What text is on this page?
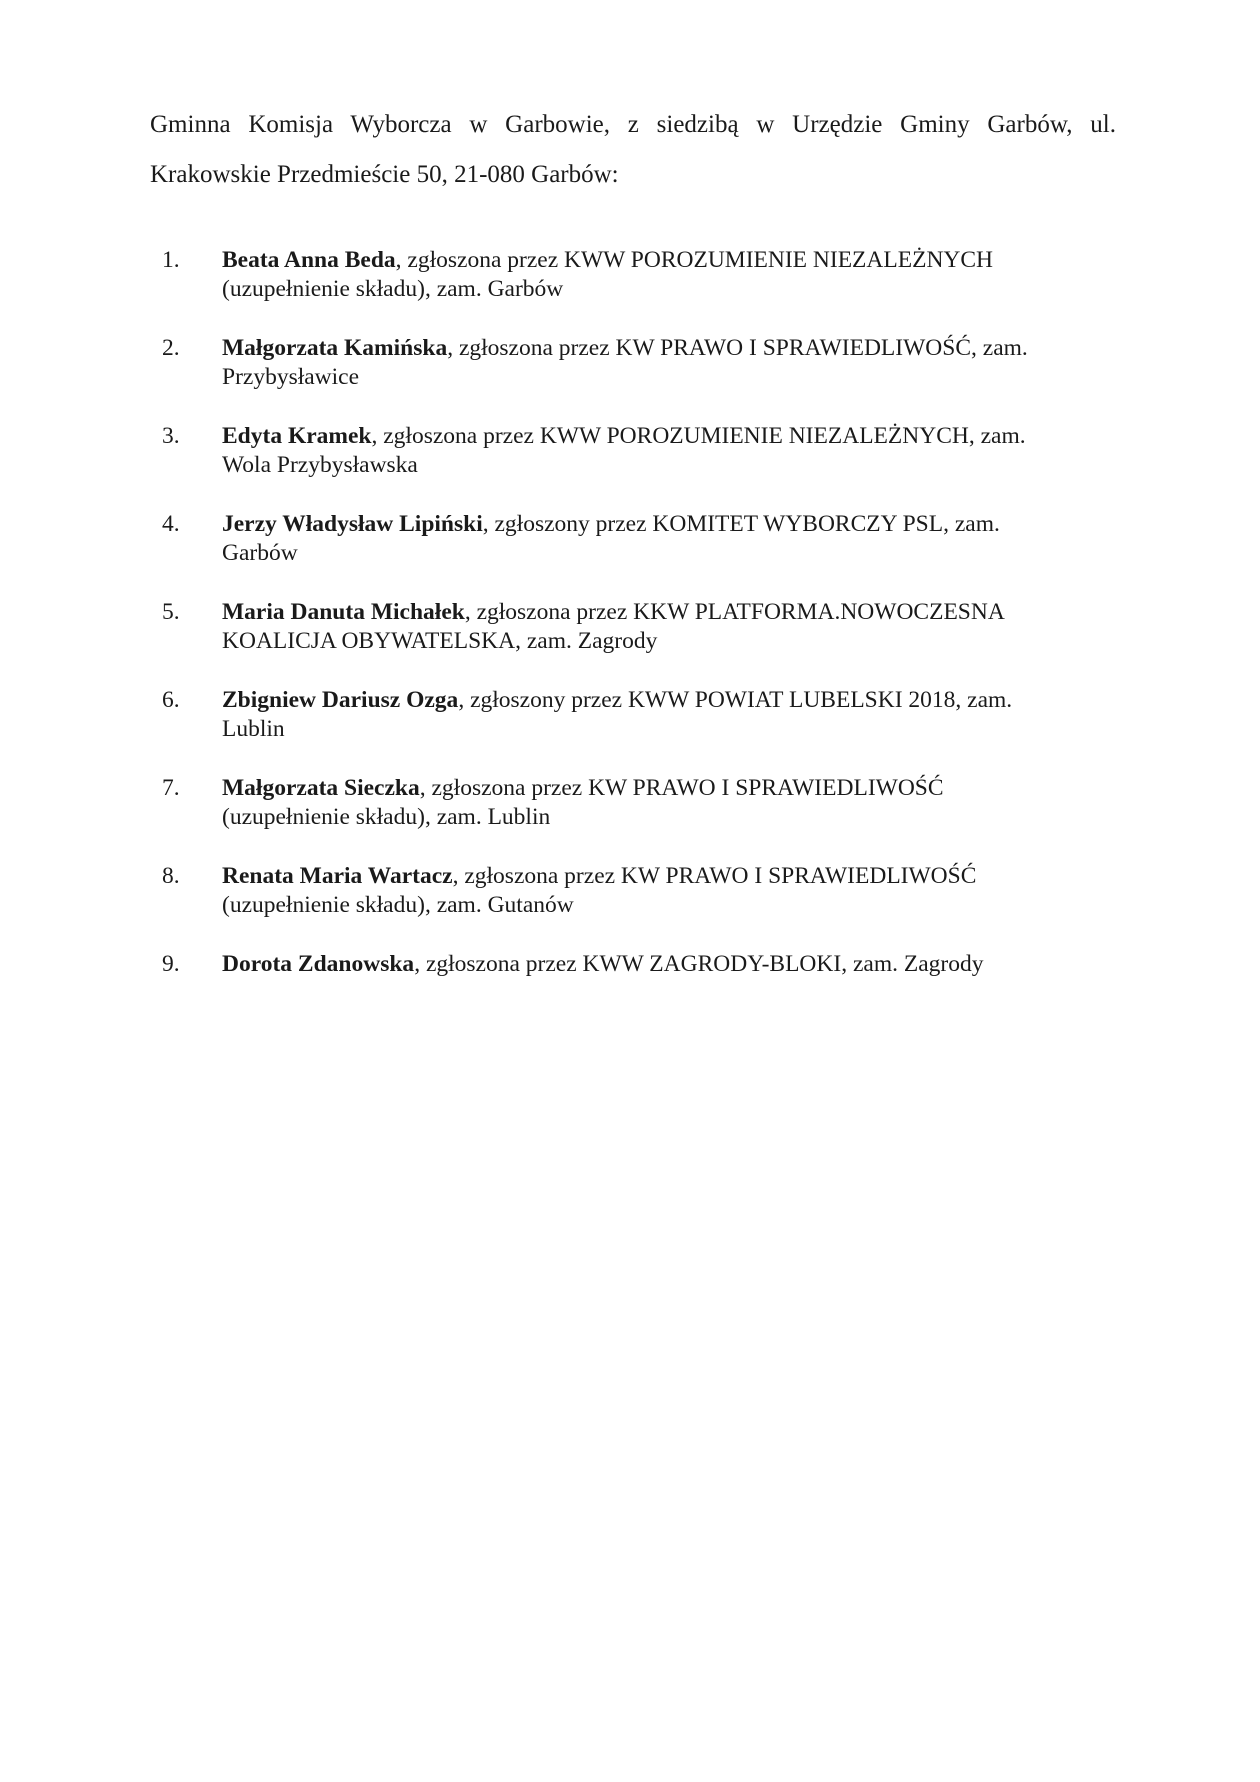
Gminna Komisja Wyborcza w Garbowie, z siedzibą w Urzędzie Gminy Garbów, ul.
Krakowskie Przedmieście 50, 21-080 Garbów:

1. Beata Anna Beda, zgłoszona przez KWW POROZUMIENIE NIEZALEŻNYCH
(uzupełnienie składu), zam. Garbów
2. Małgorzata Kamińska, zgłoszona przez KW PRAWO I SPRAWIEDLIWOŚĆ, zam.
Przybysławice
3. Edyta Kramek, zgłoszona przez KWW POROZUMIENIE NIEZALEŻNYCH, zam.
Wola Przybysławska
4. Jerzy Władysław Lipiński, zgłoszony przez KOMITET WYBORCZY PSL, zam.
Garbów
5. Maria Danuta Michałek, zgłoszona przez KKW PLATFORMA.NOWOCZESNA
KOALICJA OBYWATELSKA, zam. Zagrody
6. Zbigniew Dariusz Ozga, zgłoszony przez KWW POWIAT LUBELSKI 2018, zam.
Lublin
7. Małgorzata Sieczka, zgłoszona przez KW PRAWO I SPRAWIEDLIWOŚĆ
(uzupełnienie składu), zam. Lublin
8. Renata Maria Wartacz, zgłoszona przez KW PRAWO I SPRAWIEDLIWOŚĆ
(uzupełnienie składu), zam. Gutanów
9. Dorota Zdanowska, zgłoszona przez KWW ZAGRODY-BLOKI, zam. Zagrody
